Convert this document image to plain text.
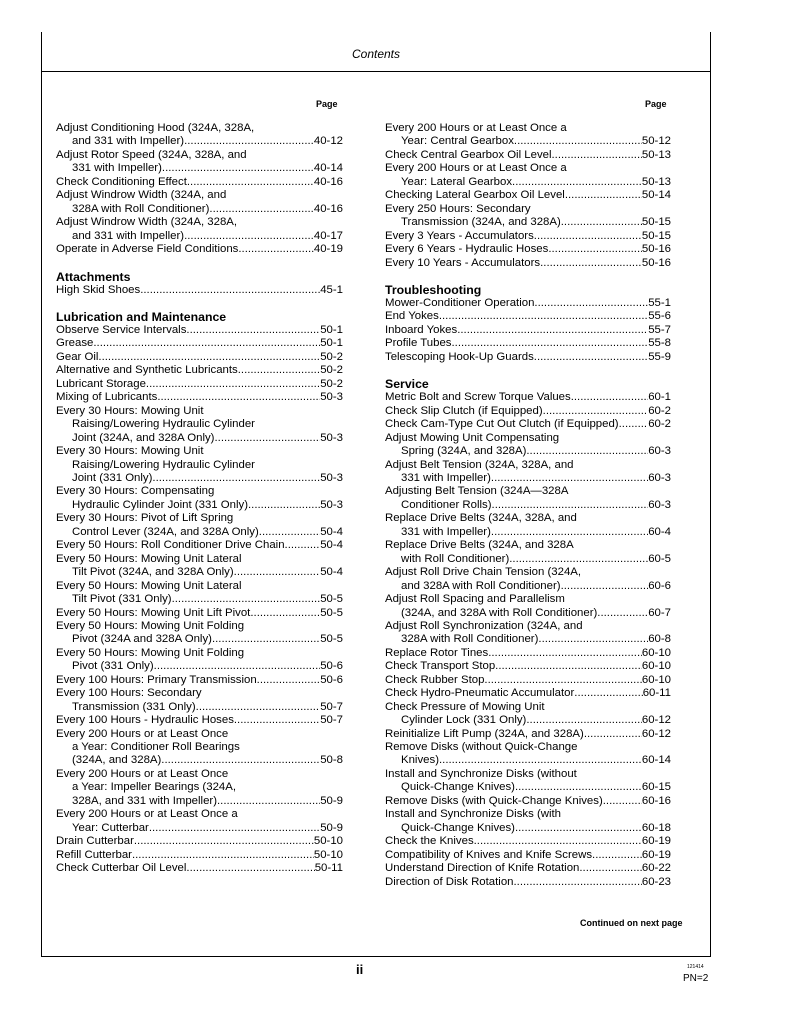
Contents
Page	Page
Adjust Conditioning Hood (324A, 328A,
and 331 with Impeller) .....	40-12
Adjust Rotor Speed (324A, 328A, and
331 with Impeller) .....	40-14
Check Conditioning Effect .....	40-16
Adjust Windrow Width (324A, and
328A with Roll Conditioner) .....	40-16
Adjust Windrow Width (324A, 328A,
and 331 with Impeller) .....	40-17
Operate in Adverse Field Conditions .....	40-19
Attachments
High Skid Shoes .....	45-1
Lubrication and Maintenance
Observe Service Intervals .....	50-1
Grease .....	50-1
Gear Oil .....	50-2
Alternative and Synthetic Lubricants .....	50-2
Lubricant Storage .....	50-2
Mixing of Lubricants .....	50-3
Every 30 Hours: Mowing Unit
Raising/Lowering Hydraulic Cylinder
Joint (324A, and 328A Only) .....	50-3
Every 30 Hours: Mowing Unit
Raising/Lowering Hydraulic Cylinder
Joint (331 Only) .....	50-3
Every 30 Hours: Compensating
Hydraulic Cylinder Joint (331 Only) .....	50-3
Every 30 Hours: Pivot of Lift Spring
Control Lever (324A, and 328A Only) .....	50-4
Every 50 Hours: Roll Conditioner Drive Chain .....	50-4
Every 50 Hours: Mowing Unit Lateral
Tilt Pivot (324A, and 328A Only) .....	50-4
Every 50 Hours: Mowing Unit Lateral
Tilt Pivot (331 Only) .....	50-5
Every 50 Hours: Mowing Unit Lift Pivot .....	50-5
Every 50 Hours: Mowing Unit Folding
Pivot (324A and 328A Only) .....	50-5
Every 50 Hours: Mowing Unit Folding
Pivot (331 Only) .....	50-6
Every 100 Hours: Primary Transmission .....	50-6
Every 100 Hours: Secondary
Transmission (331 Only) .....	50-7
Every 100 Hours - Hydraulic Hoses .....	50-7
Every 200 Hours or at Least Once
a Year: Conditioner Roll Bearings
(324A, and 328A) .....	50-8
Every 200 Hours or at Least Once
a Year: Impeller Bearings (324A,
328A, and 331 with Impeller) .....	50-9
Every 200 Hours or at Least Once a
Year: Cutterbar .....	50-9
Drain Cutterbar .....	50-10
Refill Cutterbar .....	50-10
Check Cutterbar Oil Level .....	50-11
Every 200 Hours or at Least Once a
Year: Central Gearbox .....	50-12
Check Central Gearbox Oil Level .....	50-13
Every 200 Hours or at Least Once a
Year: Lateral Gearbox .....	50-13
Checking Lateral Gearbox Oil Level .....	50-14
Every 250 Hours: Secondary
Transmission (324A, and 328A) .....	50-15
Every 3 Years - Accumulators .....	50-15
Every 6 Years - Hydraulic Hoses .....	50-16
Every 10 Years - Accumulators .....	50-16
Troubleshooting
Mower-Conditioner Operation .....	55-1
End Yokes .....	55-6
Inboard Yokes .....	55-7
Profile Tubes .....	55-8
Telescoping Hook-Up Guards .....	55-9
Service
Metric Bolt and Screw Torque Values .....	60-1
Check Slip Clutch (if Equipped) .....	60-2
Check Cam-Type Cut Out Clutch (if Equipped) .....	60-2
Adjust Mowing Unit Compensating
Spring (324A, and 328A) .....	60-3
Adjust Belt Tension (324A, 328A, and
331 with Impeller) .....	60-3
Adjusting Belt Tension (324A—328A
Conditioner Rolls) .....	60-3
Replace Drive Belts (324A, 328A, and
331 with Impeller) .....	60-4
Replace Drive Belts (324A, and 328A
with Roll Conditioner) .....	60-5
Adjust Roll Drive Chain Tension (324A,
and 328A with Roll Conditioner) .....	60-6
Adjust Roll Spacing and Parallelism
(324A, and 328A with Roll Conditioner) .....	60-7
Adjust Roll Synchronization (324A, and
328A with Roll Conditioner) .....	60-8
Replace Rotor Tines .....	60-10
Check Transport Stop .....	60-10
Check Rubber Stop .....	60-10
Check Hydro-Pneumatic Accumulator .....	60-11
Check Pressure of Mowing Unit
Cylinder Lock (331 Only) .....	60-12
Reinitialize Lift Pump (324A, and 328A) .....	60-12
Remove Disks (without Quick-Change
Knives) .....	60-14
Install and Synchronize Disks (without
Quick-Change Knives) .....	60-15
Remove Disks (with Quick-Change Knives) .....	60-16
Install and Synchronize Disks (with
Quick-Change Knives) .....	60-18
Check the Knives .....	60-19
Compatibility of Knives and Knife Screws .....	60-19
Understand Direction of Knife Rotation .....	60-22
Direction of Disk Rotation .....	60-23
Continued on next page
ii	121414
PN=2
